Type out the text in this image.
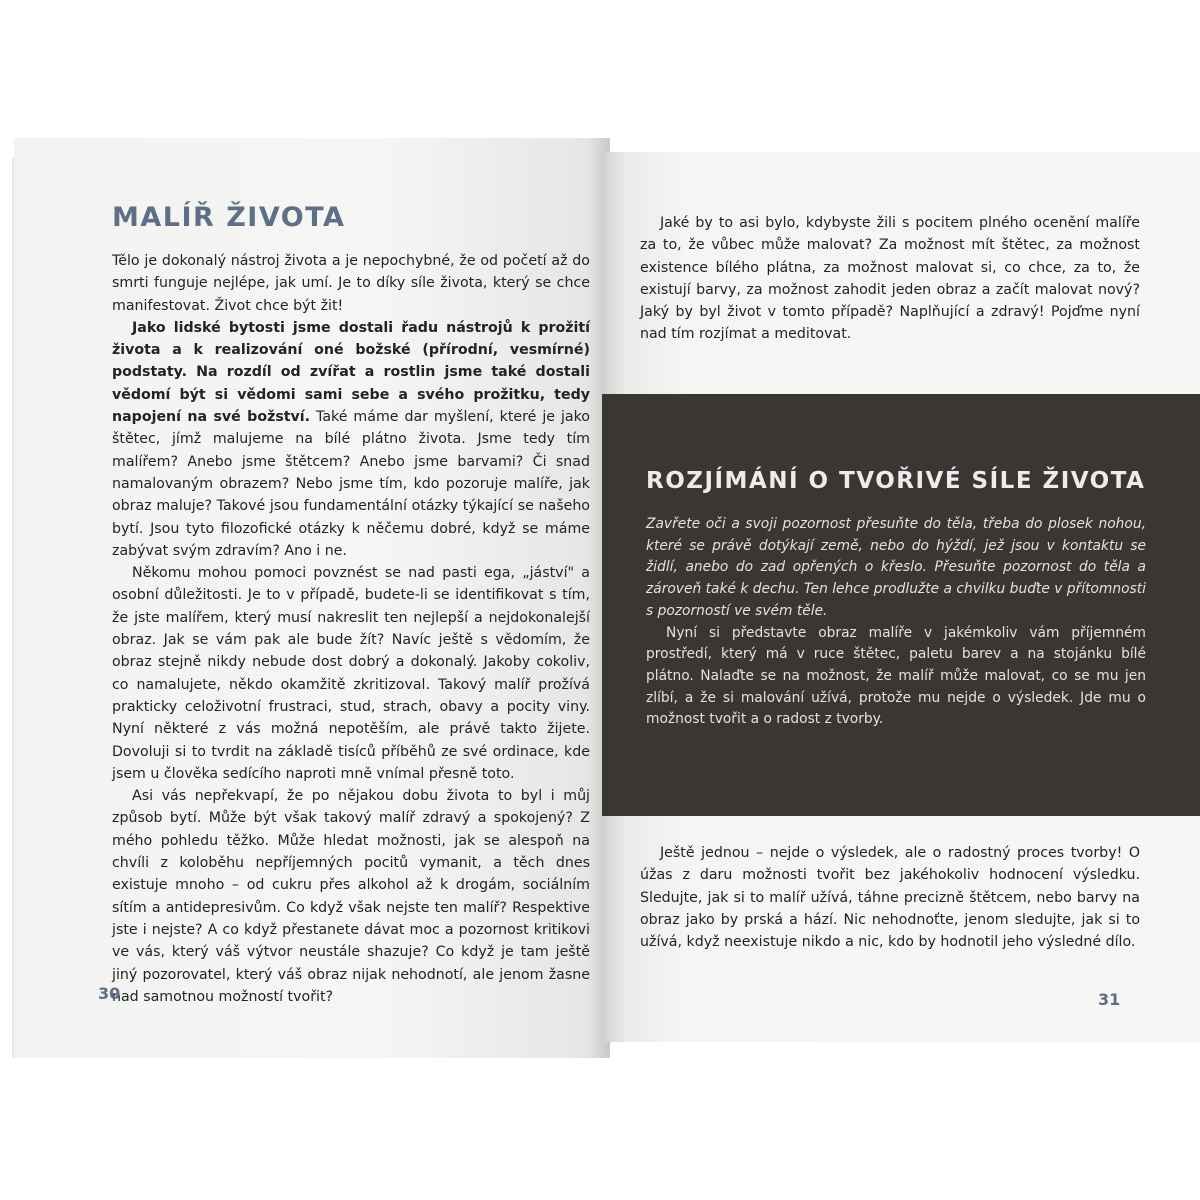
MALÍŘ ŽIVOTA

Tělo je dokonalý nástroj života a je nepochybné, že od početí až do smrti funguje nejlépe, jak umí. Je to díky síle života, který se chce manifestovat. Život chce být žit!

Jako lidské bytosti jsme dostali řadu nástrojů k prožití života a k realizování oné božské (přírodní, vesmírné) podstaty. Na rozdíl od zvířat a rostlin jsme také dostali vědomí být si vědomi sami sebe a svého prožitku, tedy napojení na své božství. Také máme dar myšlení, které je jako štětec, jímž malujeme na bílé plátno života. Jsme tedy tím malířem? Anebo jsme štětcem? Anebo jsme barvami? Či snad namalovaným obrazem? Nebo jsme tím, kdo pozoruje malíře, jak obraz maluje? Takové jsou fundamentální otázky týkající se našeho bytí. Jsou tyto filozofické otázky k něčemu dobré, když se máme zabývat svým zdravím? Ano i ne.

Někomu mohou pomoci povznést se nad pasti ega, „jáství" a osobní důležitosti. Je to v případě, budete-li se identifikovat s tím, že jste malířem, který musí nakreslit ten nejlepší a nejdokonalejší obraz. Jak se vám pak ale bude žít? Navíc ještě s vědomím, že obraz stejně nikdy nebude dost dobrý a dokonalý. Jakoby cokoliv, co namalujete, někdo okamžitě zkritizoval. Takový malíř prožívá prakticky celoživotní frustraci, stud, strach, obavy a pocity viny. Nyní některé z vás možná nepotěším, ale právě takto žijete. Dovoluji si to tvrdit na základě tisíců příběhů ze své ordinace, kde jsem u člověka sedícího naproti mně vnímal přesně toto.

Asi vás nepřekvapí, že po nějakou dobu života to byl i můj způsob bytí. Může být však takový malíř zdravý a spokojený? Z mého pohledu těžko. Může hledat možnosti, jak se alespoň na chvíli z koloběhu nepříjemných pocitů vymanit, a těch dnes existuje mnoho – od cukru přes alkohol až k drogám, sociálním sítím a antidepresivům. Co když však nejste ten malíř? Respektive jste i nejste? A co když přestanete dávat moc a pozornost kritikovi ve vás, který váš výtvor neustále shazuje? Co když je tam ještě jiný pozorovatel, který váš obraz nijak nehodnotí, ale jenom žasne nad samotnou možností tvořit?

30

Jaké by to asi bylo, kdybyste žili s pocitem plného ocenění malíře za to, že vůbec může malovat? Za možnost mít štětec, za možnost existence bílého plátna, za možnost malovat si, co chce, za to, že existují barvy, za možnost zahodit jeden obraz a začít malovat nový? Jaký by byl život v tomto případě? Naplňující a zdravý! Pojďme nyní nad tím rozjímat a meditovat.

ROZJÍMÁNÍ O TVOŘIVÉ SÍLE ŽIVOTA

Zavřete oči a svoji pozornost přesuňte do těla, třeba do plosek nohou, které se právě dotýkají země, nebo do hýždí, jež jsou v kontaktu se židlí, anebo do zad opřených o křeslo. Přesuňte pozornost do těla a zároveň také k dechu. Ten lehce prodlužte a chvilku buďte v přítomnosti s pozorností ve svém těle.

Nyní si představte obraz malíře v jakémkoliv vám příjemném prostředí, který má v ruce štětec, paletu barev a na stojánku bílé plátno. Nalaďte se na možnost, že malíř může malovat, co se mu jen zlíbí, a že si malování užívá, protože mu nejde o výsledek. Jde mu o možnost tvořit a o radost z tvorby.

Ještě jednou – nejde o výsledek, ale o radostný proces tvorby! O úžas z daru možnosti tvořit bez jakéhokoliv hodnocení výsledku. Sledujte, jak si to malíř užívá, táhne precizně štětcem, nebo barvy na obraz jako by prská a hází. Nic nehodnoťte, jenom sledujte, jak si to užívá, když neexistuje nikdo a nic, kdo by hodnotil jeho výsledné dílo.

31
